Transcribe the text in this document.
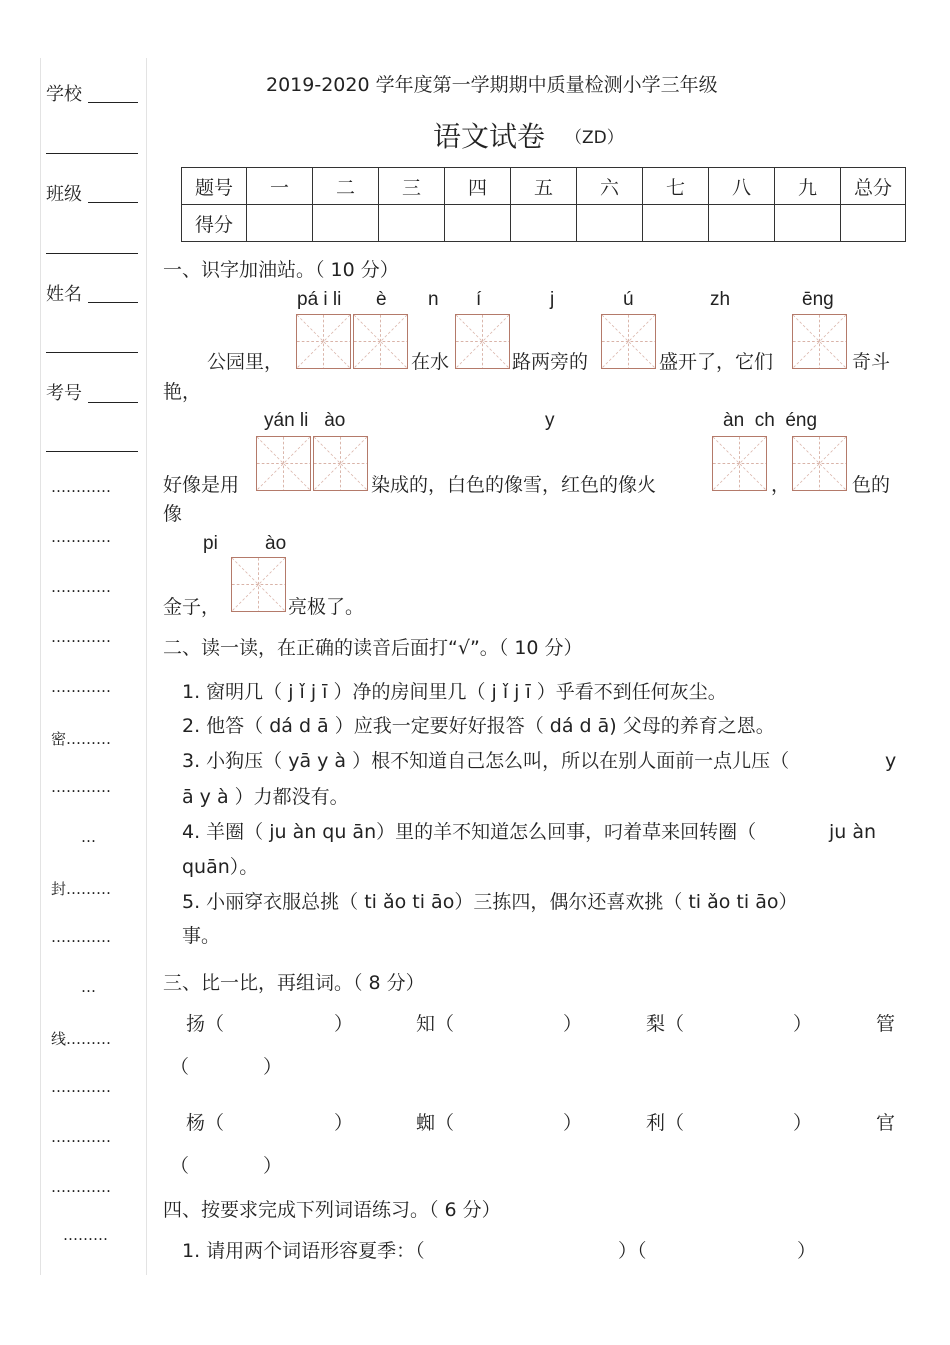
学校
班级
姓名
考号
…………
…………
…………
…………
…………
密………
…………
…
封………
…………
…
线………
…………
…………
…………
………
2019-2020 学年度第一学期期中质量检测小学三年级
语文试卷 （ZD）
题号	一	二	三	四	五	六	七	八	九	总分
得分										
一、识字加油站。（ 10 分）
pá i li è n í	j	ú	zh	ēng
公园里，	在水	路两旁的	盛开了，它们	奇斗
艳，
yán li   ào	y	àn  ch  éng
好像是用	染成的，白色的像雪，红色的像火	，	色的
像
pi ào
金子，	亮极了。
二、读一读，在正确的读音后面打“√”。（ 10 分）
1. 窗明几（ j ǐ j ī ）净的房间里几（ j ǐ j ī ）乎看不到任何灰尘。
2. 他答（ dá d ā ）应我一定要好好报答（ dá d ā) 父母的养育之恩。
3. 小狗压（ yā y à ）根不知道自己怎么叫，所以在别人面前一点儿压（	y
ā y à ）力都没有。
4. 羊圈（ ju àn qu ān）里的羊不知道怎么回事，叼着草来回转圈（	ju àn
quān）。
5. 小丽穿衣服总挑（ ti ǎo ti āo）三拣四，偶尔还喜欢挑（ ti ǎo ti āo）
事。
三、比一比，再组词。（ 8 分）
扬（	）	知（	）	梨（	）	管
（	）
杨（	）	蜘（	）	利（	）	官
（	）
四、按要求完成下列词语练习。（ 6 分）
1. 请用两个词语形容夏季：（	）（	）
